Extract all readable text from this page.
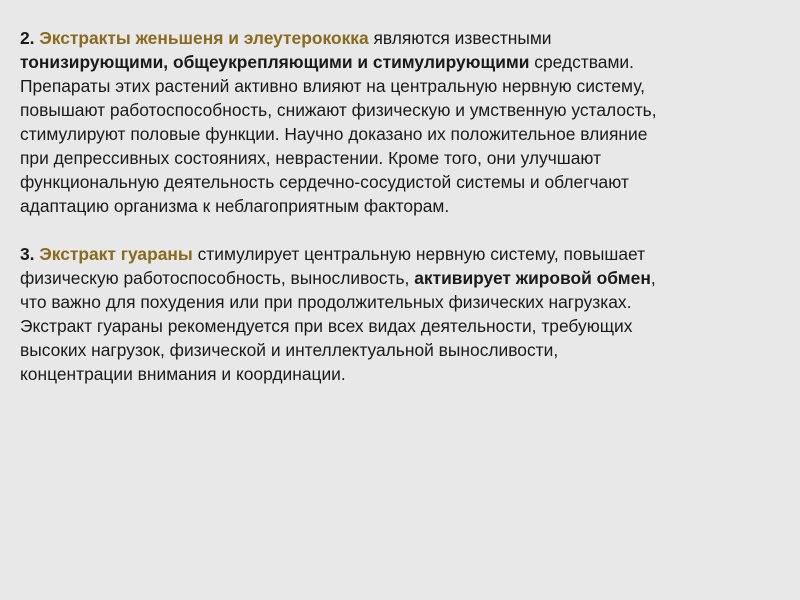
2. Экстракты женьшеня и элеутерококка являются известными
тонизирующими, общеукрепляющими и стимулирующими средствами.
Препараты этих растений активно влияют на центральную нервную систему,
повышают работоспособность, снижают физическую и умственную усталость,
стимулируют половые функции. Научно доказано их положительное влияние
при депрессивных состояниях, неврастении. Кроме того, они улучшают
функциональную деятельность сердечно-сосудистой системы и облегчают
адаптацию организма к неблагоприятным факторам.

3. Экстракт гуараны стимулирует центральную нервную систему, повышает
физическую работоспособность, выносливость, активирует жировой обмен,
что важно для похудения или при продолжительных физических нагрузках.
Экстракт гуараны рекомендуется при всех видах деятельности, требующих
высоких нагрузок, физической и интеллектуальной выносливости,
концентрации внимания и координации.
